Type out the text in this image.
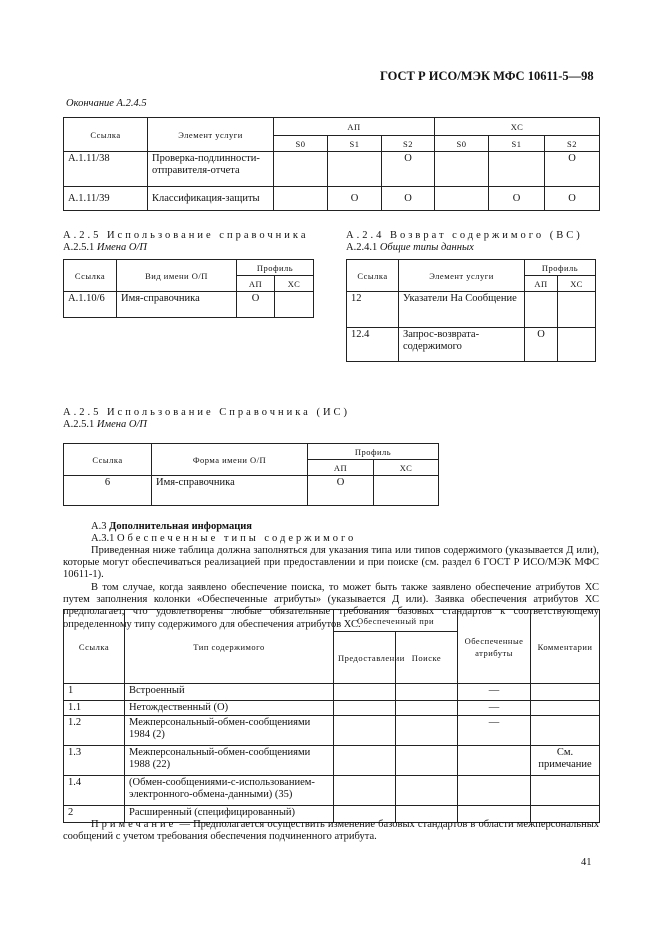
ГОСТ Р ИСО/МЭК МФС 10611-5—98
Окончание А.2.4.5
Ссылка	Элемент услуги	АП			ХС		
		S0	S1	S2	S0	S1	S2
A.1.11/38	Проверка-подлинности-отправителя-отчета			O			O
A.1.11/39	Классификация-защиты		O	O		O	O
А.2.5 Использование справочника
А.2.5.1 Имена О/П
Ссылка	Вид имени О/П	Профиль	
		АП	ХС
A.1.10/6	Имя-справочника	O	
А.2.4 Возврат содержимого (ВС)
А.2.4.1 Общие типы данных
Ссылка	Элемент услуги	Профиль	
		АП	ХС
12	Указатели На Сообщение		
12.4	Запрос-возврата-содержимого	O	
А.2.5 Использование Справочника (ИС)
А.2.5.1 Имена О/П
Ссылка	Форма имени О/П	Профиль	
		АП	ХС
6	Имя-справочника	O	
А.3 Дополнительная информация
А.3.1 Обеспеченные типы содержимого
Приведенная ниже таблица должна заполняться для указания типа или типов содержимого (указывается Д или), которые могут обеспечиваться реализацией при предоставлении и при поиске (см. раздел 6 ГОСТ Р ИСО/МЭК МФС 10611-1).
В том случае, когда заявлено обеспечение поиска, то может быть также заявлено обеспечение атрибутов ХС путем заполнения колонки «Обеспеченные атрибуты» (указывается Д или). Заявка обеспечения атрибутов ХС предполагает, что удовлетворены любые обязательные требования базовых стандартов к соответствующему определенному типу содержимого для обеспечения атрибутов ХС.
Ссылка	Тип содержимого	Обеспеченный при		Обеспеченные атрибуты	Комментарии
		Предоставлении	Поиске		
1	Встроенный			—	
1.1	Нетождественный (О)			—	
1.2	Межперсональный-обмен-сообщениями 1984 (2)			—	
1.3	Межперсональный-обмен-сообщениями 1988 (22)				См. примечание
1.4	(Обмен-сообщениями-с-использованием-электронного-обмена-данными) (35)				
2	Расширенный (специфицированный)				
Примечание — Предполагается осуществить изменение базовых стандартов в области межперсональных сообщений с учетом требования обеспечения подчиненного атрибута.
41
